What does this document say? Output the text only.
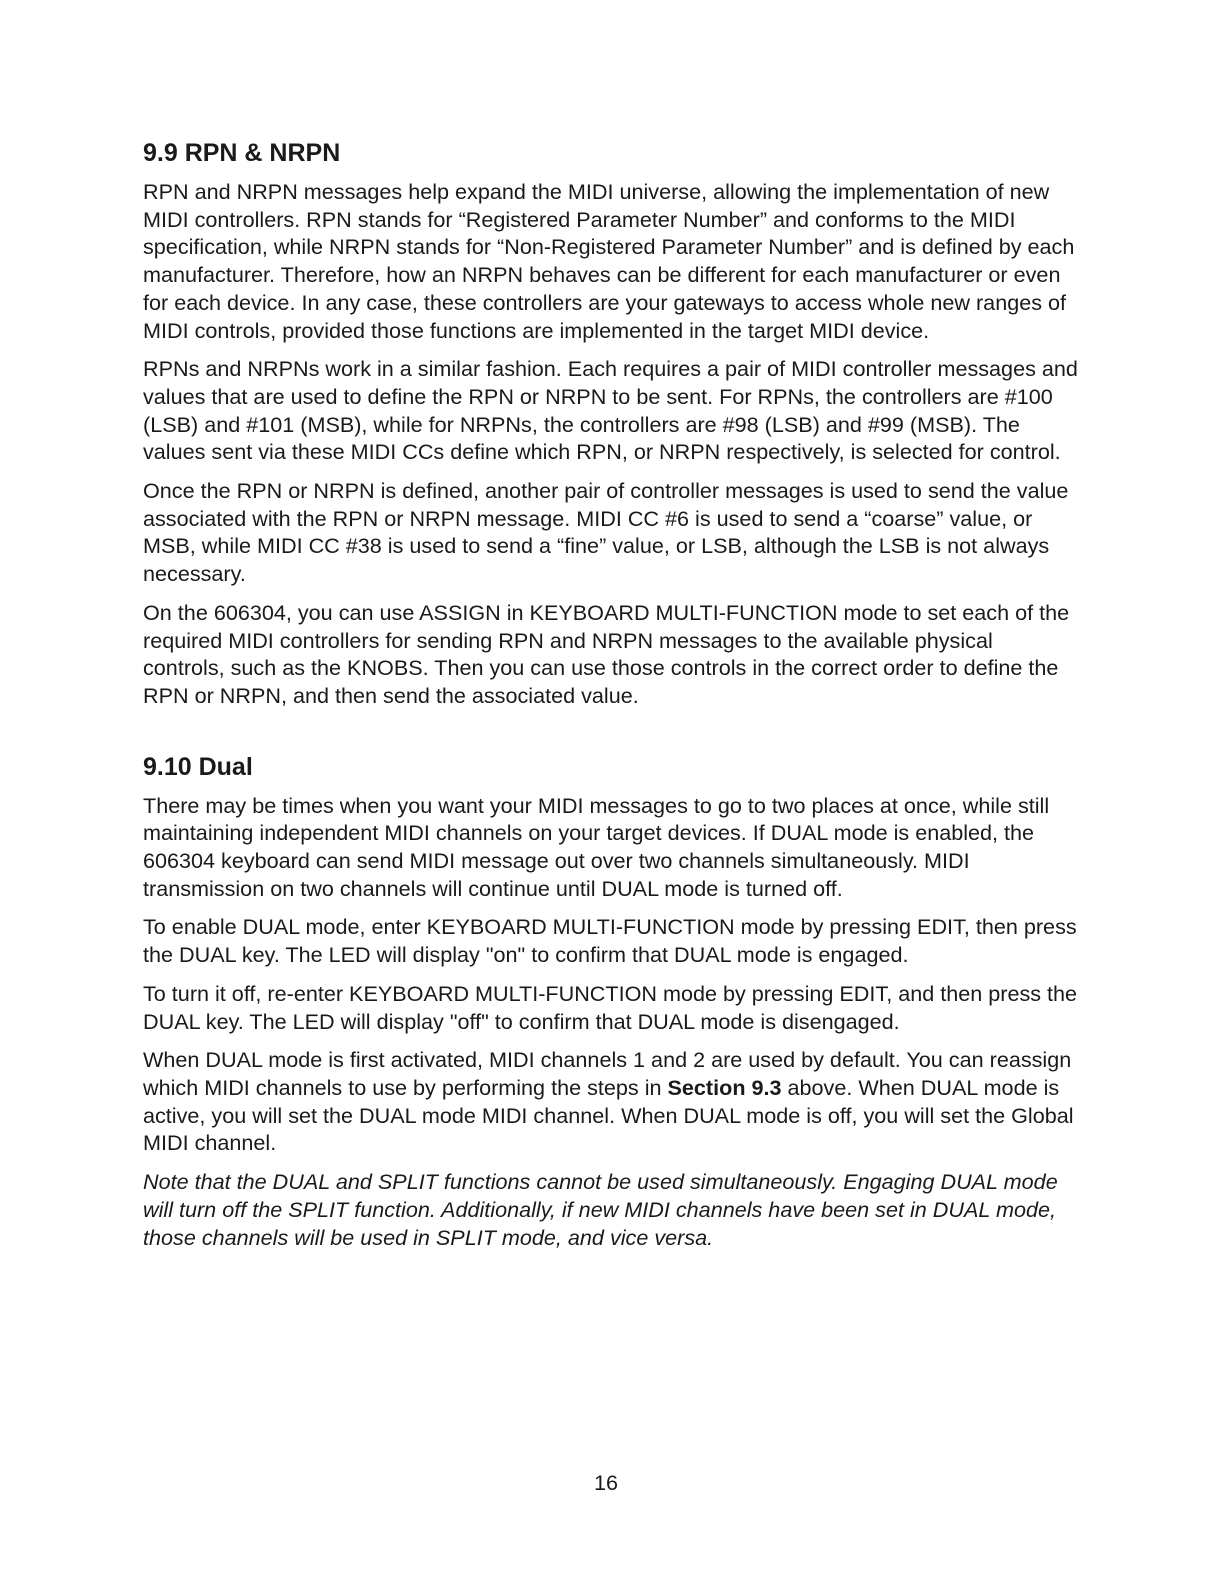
9.9 RPN & NRPN

RPN and NRPN messages help expand the MIDI universe, allowing the implementation of new MIDI controllers. RPN stands for “Registered Parameter Number” and conforms to the MIDI specification, while NRPN stands for “Non-Registered Parameter Number” and is defined by each manufacturer. Therefore, how an NRPN behaves can be different for each manufacturer or even for each device. In any case, these controllers are your gateways to access whole new ranges of MIDI controls, provided those functions are implemented in the target MIDI device.

RPNs and NRPNs work in a similar fashion. Each requires a pair of MIDI controller messages and values that are used to define the RPN or NRPN to be sent. For RPNs, the controllers are #100 (LSB) and #101 (MSB), while for NRPNs, the controllers are #98 (LSB) and #99 (MSB). The values sent via these MIDI CCs define which RPN, or NRPN respectively, is selected for control.

Once the RPN or NRPN is defined, another pair of controller messages is used to send the value associated with the RPN or NRPN message. MIDI CC #6 is used to send a “coarse” value, or MSB, while MIDI CC #38 is used to send a “fine” value, or LSB, although the LSB is not always necessary.

On the 606304, you can use ASSIGN in KEYBOARD MULTI-FUNCTION mode to set each of the required MIDI controllers for sending RPN and NRPN messages to the available physical controls, such as the KNOBS. Then you can use those controls in the correct order to define the RPN or NRPN, and then send the associated value.

9.10 Dual

There may be times when you want your MIDI messages to go to two places at once, while still maintaining independent MIDI channels on your target devices. If DUAL mode is enabled, the 606304 keyboard can send MIDI message out over two channels simultaneously. MIDI transmission on two channels will continue until DUAL mode is turned off.

To enable DUAL mode, enter KEYBOARD MULTI-FUNCTION mode by pressing EDIT, then press the DUAL key. The LED will display "on" to confirm that DUAL mode is engaged.

To turn it off, re-enter KEYBOARD MULTI-FUNCTION mode by pressing EDIT, and then press the DUAL key. The LED will display "off" to confirm that DUAL mode is disengaged.

When DUAL mode is first activated, MIDI channels 1 and 2 are used by default. You can reassign which MIDI channels to use by performing the steps in Section 9.3 above. When DUAL mode is active, you will set the DUAL mode MIDI channel. When DUAL mode is off, you will set the Global MIDI channel.

Note that the DUAL and SPLIT functions cannot be used simultaneously. Engaging DUAL mode will turn off the SPLIT function. Additionally, if new MIDI channels have been set in DUAL mode, those channels will be used in SPLIT mode, and vice versa.

16
